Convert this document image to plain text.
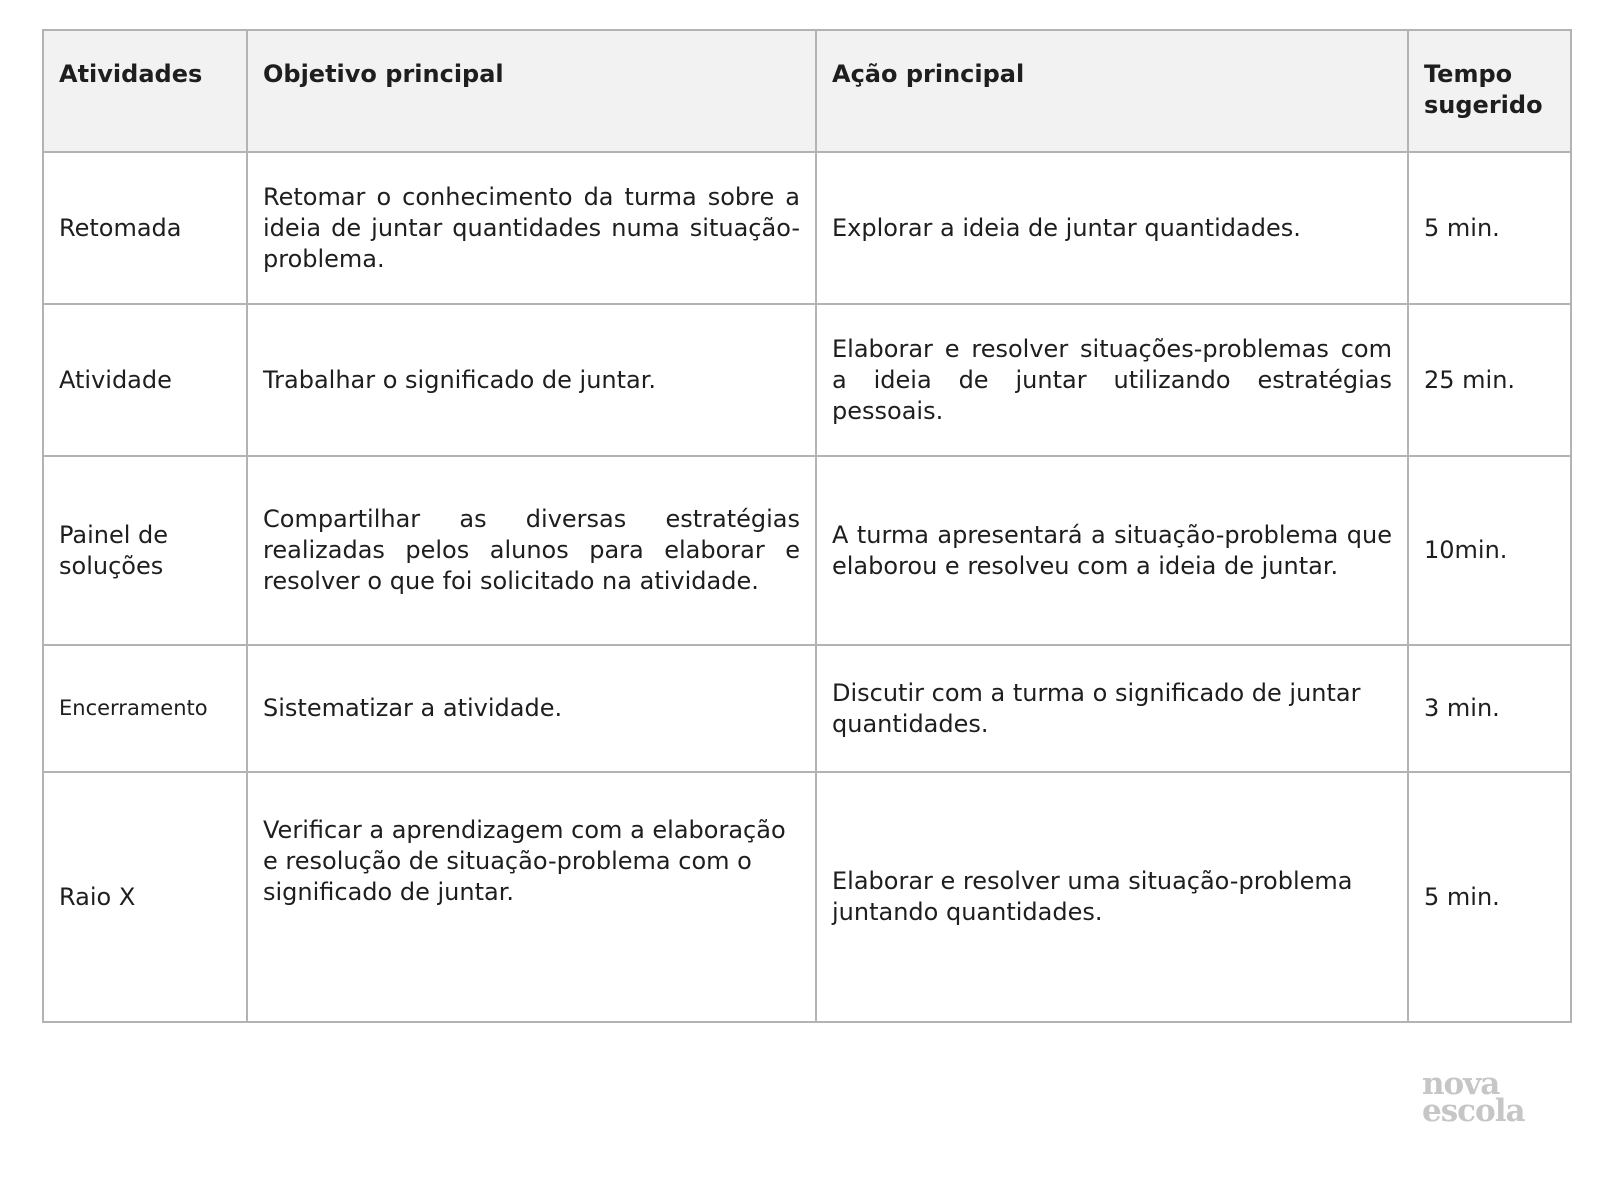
Atividades	Objetivo principal	Ação principal	Tempo sugerido
Retomada	Retomar o conhecimento da turma sobre a ideia de juntar quantidades numa situação-problema.	Explorar a ideia de juntar quantidades.	5 min.
Atividade	Trabalhar o significado de juntar.	Elaborar e resolver situações-problemas com a ideia de juntar utilizando estratégias pessoais.	25 min.
Painel de soluções	Compartilhar as diversas estratégias realizadas pelos alunos para elaborar e resolver o que foi solicitado na atividade.	A turma apresentará a situação-problema que elaborou e resolveu com a ideia de juntar.	10min.
Encerramento	Sistematizar a atividade.	Discutir com a turma o significado de juntar quantidades.	3 min.
Raio X	Verificar a aprendizagem com a elaboração e resolução de situação-problema com o significado de juntar.	Elaborar e resolver uma situação-problema juntando quantidades.	5 min.
nova
escola
